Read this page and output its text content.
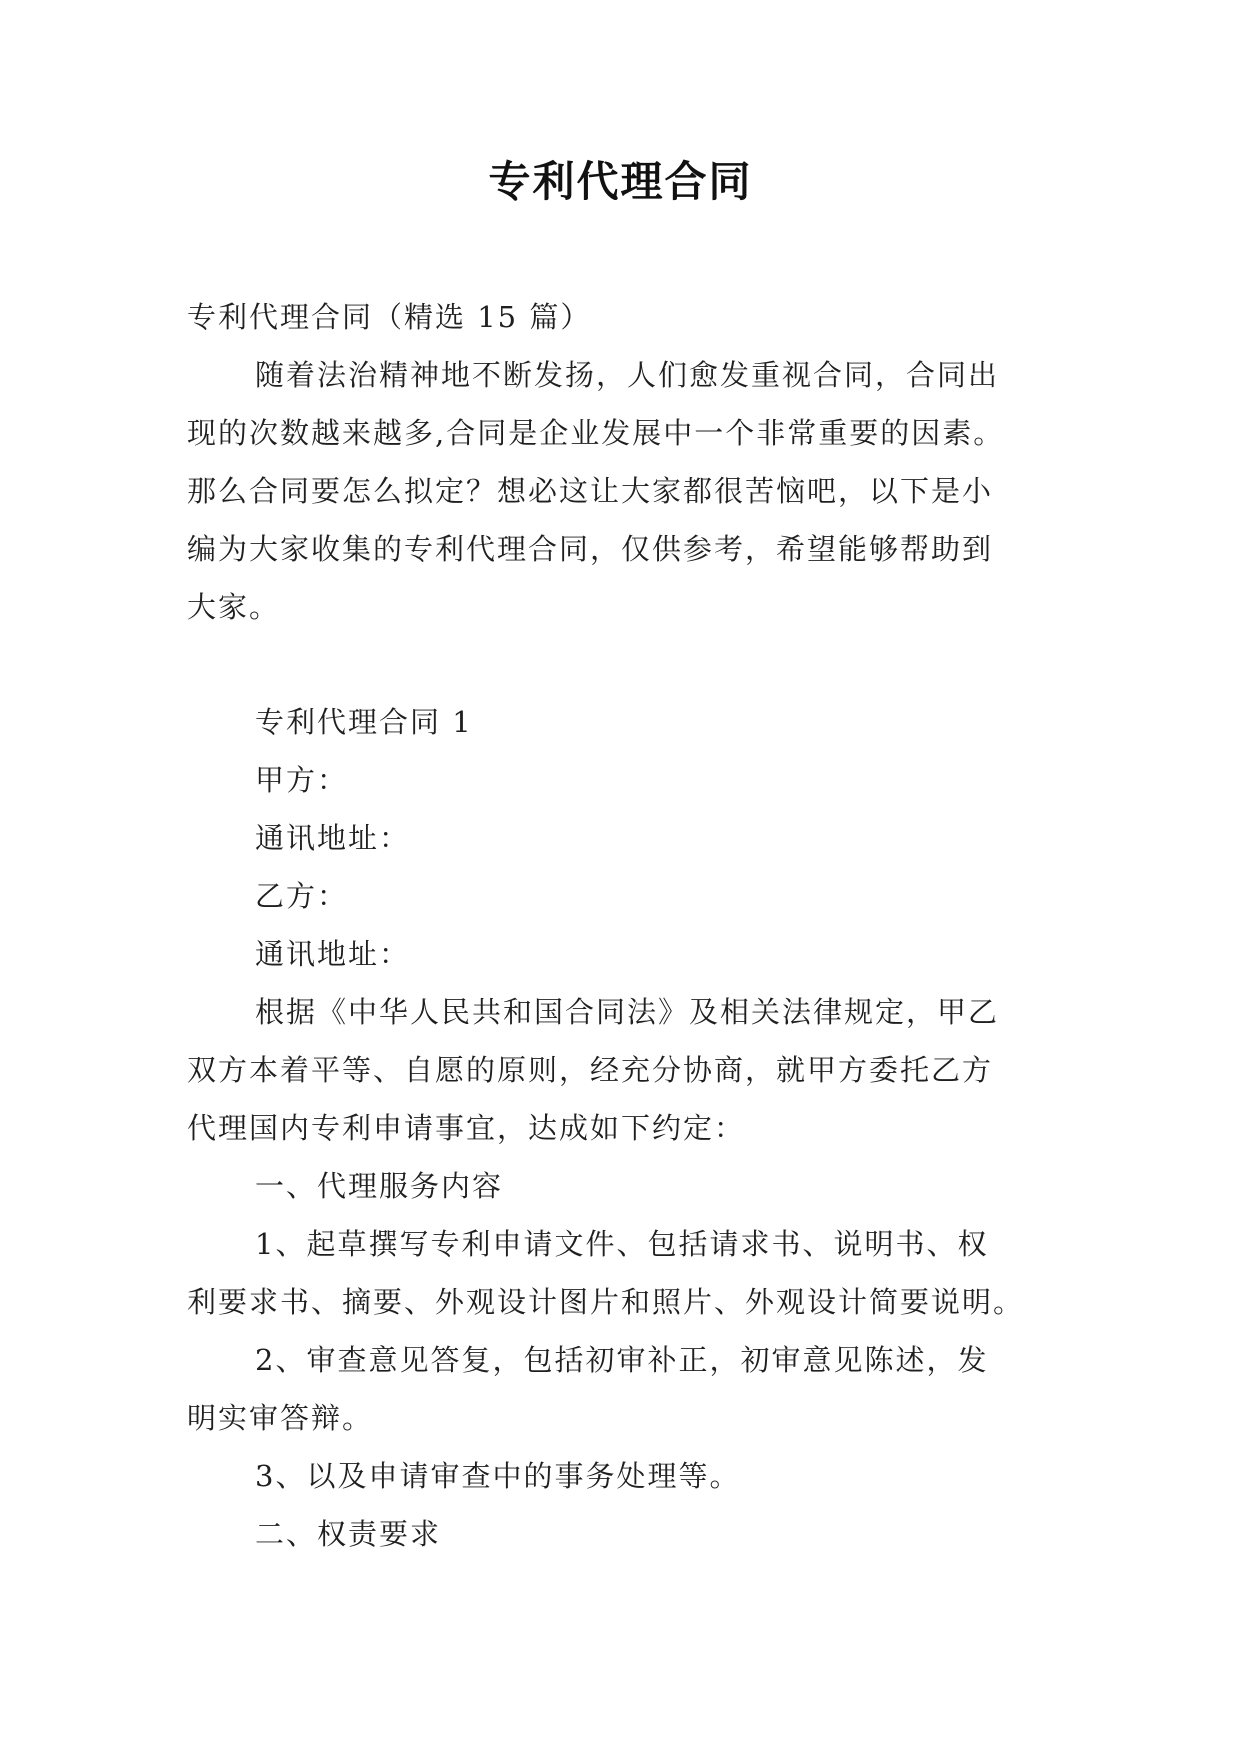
专利代理合同
专利代理合同（精选 15 篇）
随着法治精神地不断发扬，人们愈发重视合同，合同出
现的次数越来越多,合同是企业发展中一个非常重要的因素。
那么合同要怎么拟定？想必这让大家都很苦恼吧，以下是小
编为大家收集的专利代理合同，仅供参考，希望能够帮助到
大家。
专利代理合同 1
甲方：
通讯地址：
乙方：
通讯地址：
根据《中华人民共和国合同法》及相关法律规定，甲乙
双方本着平等、自愿的原则，经充分协商，就甲方委托乙方
代理国内专利申请事宜，达成如下约定：
一、代理服务内容
1、起草撰写专利申请文件、包括请求书、说明书、权
利要求书、摘要、外观设计图片和照片、外观设计简要说明。
2、审查意见答复，包括初审补正，初审意见陈述，发
明实审答辩。
3、以及申请审查中的事务处理等。
二、权责要求
